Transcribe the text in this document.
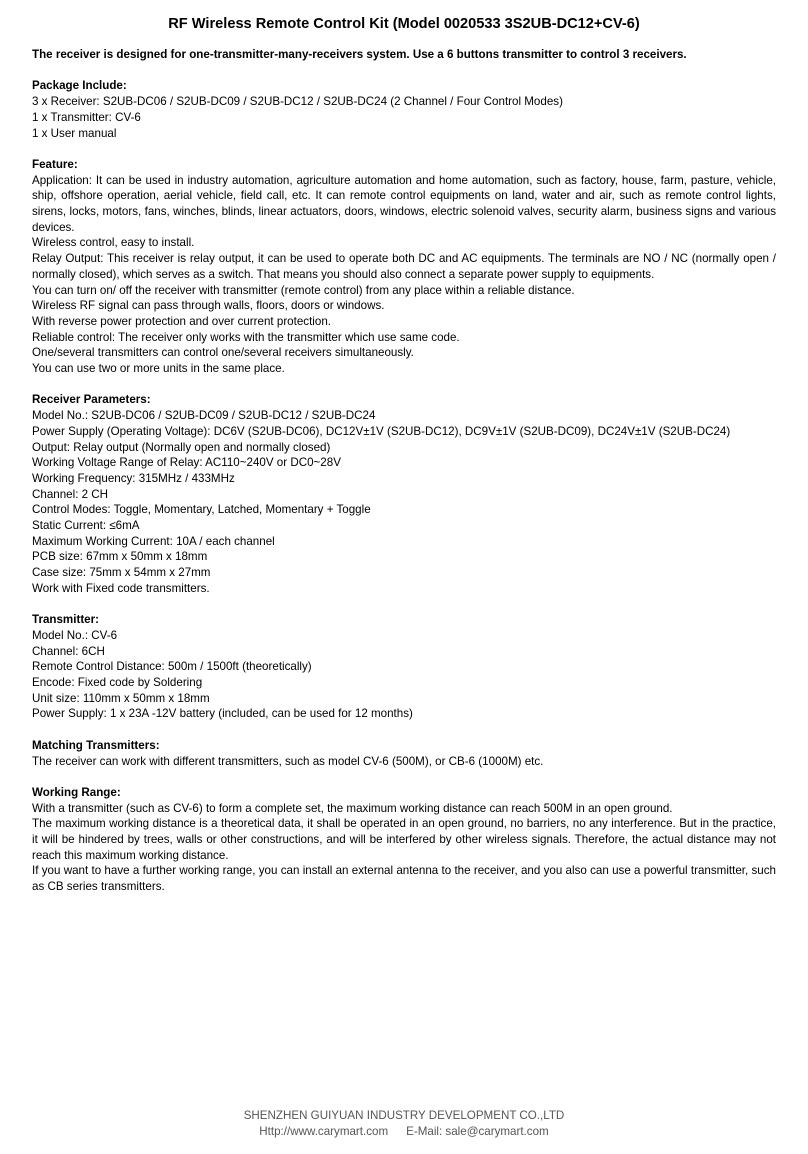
RF Wireless Remote Control Kit (Model 0020533 3S2UB-DC12+CV-6)

The receiver is designed for one-transmitter-many-receivers system. Use a 6 buttons transmitter to control 3 receivers.

Package Include:

3 x Receiver: S2UB-DC06 / S2UB-DC09 / S2UB-DC12 / S2UB-DC24 (2 Channel / Four Control Modes)

1 x Transmitter: CV-6

1 x User manual

Feature:

Application: It can be used in industry automation, agriculture automation and home automation, such as factory, house, farm, pasture, vehicle, ship, offshore operation, aerial vehicle, field call, etc. It can remote control equipments on land, water and air, such as remote control lights, sirens, locks, motors, fans, winches, blinds, linear actuators, doors, windows, electric solenoid valves, security alarm, business signs and various devices.

Wireless control, easy to install.

Relay Output: This receiver is relay output, it can be used to operate both DC and AC equipments. The terminals are NO / NC (normally open / normally closed), which serves as a switch. That means you should also connect a separate power supply to equipments.

You can turn on/ off the receiver with transmitter (remote control) from any place within a reliable distance.

Wireless RF signal can pass through walls, floors, doors or windows.

With reverse power protection and over current protection.

Reliable control: The receiver only works with the transmitter which use same code.

One/several transmitters can control one/several receivers simultaneously.

You can use two or more units in the same place.

Receiver Parameters:

Model No.: S2UB-DC06 / S2UB-DC09 / S2UB-DC12 / S2UB-DC24

Power Supply (Operating Voltage): DC6V (S2UB-DC06), DC12V±1V (S2UB-DC12), DC9V±1V (S2UB-DC09), DC24V±1V (S2UB-DC24)

Output: Relay output (Normally open and normally closed)

Working Voltage Range of Relay: AC110~240V or DC0~28V

Working Frequency: 315MHz / 433MHz

Channel: 2 CH

Control Modes: Toggle, Momentary, Latched, Momentary + Toggle

Static Current: ≤6mA

Maximum Working Current: 10A / each channel

PCB size: 67mm x 50mm x 18mm

Case size: 75mm x 54mm x 27mm

Work with Fixed code transmitters.

Transmitter:

Model No.: CV-6

Channel: 6CH

Remote Control Distance: 500m / 1500ft (theoretically)

Encode: Fixed code by Soldering

Unit size: 110mm x 50mm x 18mm

Power Supply: 1 x 23A -12V battery (included, can be used for 12 months)

Matching Transmitters:

The receiver can work with different transmitters, such as model CV-6 (500M), or CB-6 (1000M) etc.

Working Range:

With a transmitter (such as CV-6) to form a complete set, the maximum working distance can reach 500M in an open ground.

The maximum working distance is a theoretical data, it shall be operated in an open ground, no barriers, no any interference. But in the practice, it will be hindered by trees, walls or other constructions, and will be interfered by other wireless signals. Therefore, the actual distance may not reach this maximum working distance.

If you want to have a further working range, you can install an external antenna to the receiver, and you also can use a powerful transmitter, such as CB series transmitters.

SHENZHEN GUIYUAN INDUSTRY DEVELOPMENT CO.,LTD
Http://www.carymart.com E-Mail: sale@carymart.com
